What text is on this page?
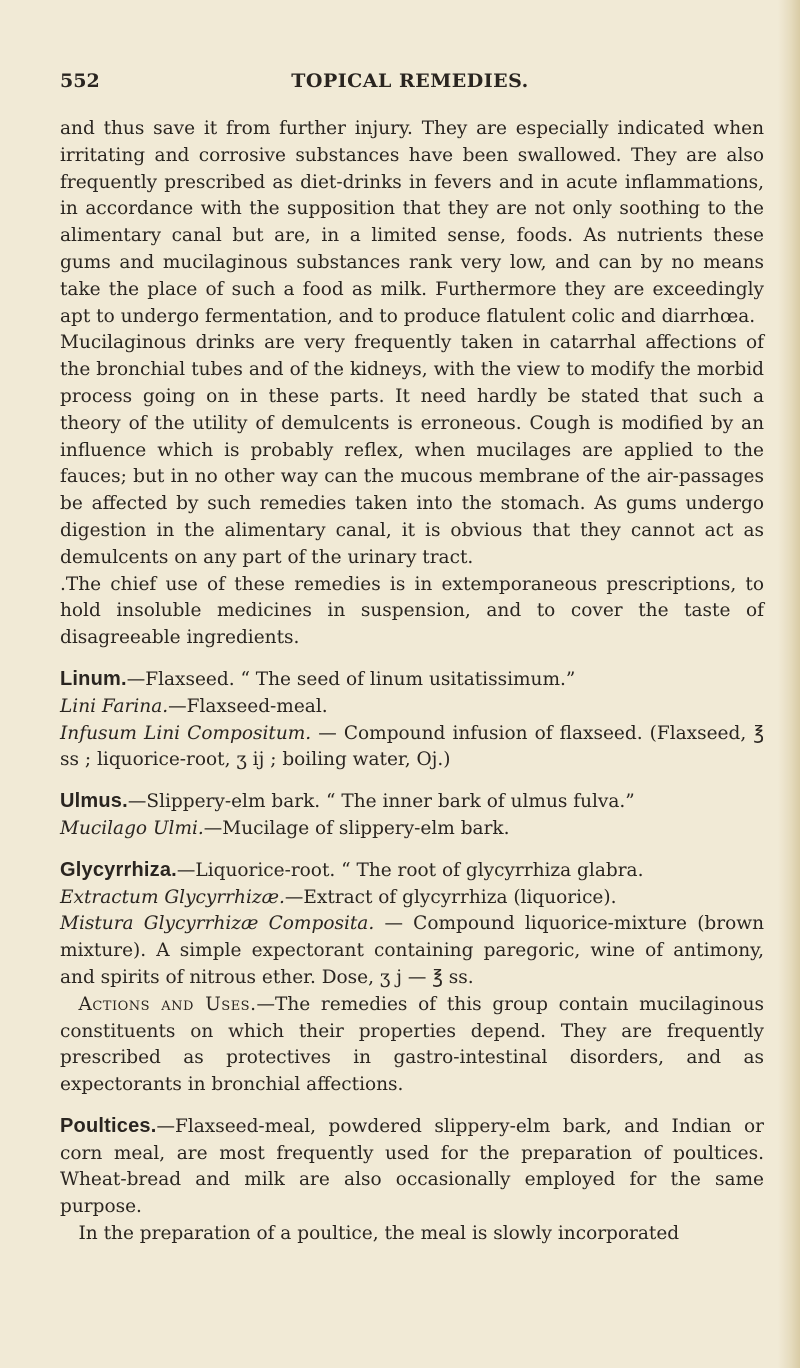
552	TOPICAL REMEDIES.

and thus save it from further injury. They are especially indicated when irritating and corrosive substances have been swallowed. They are also frequently prescribed as diet-drinks in fevers and in acute inflammations, in accordance with the supposition that they are not only soothing to the alimentary canal but are, in a limited sense, foods. As nutrients these gums and mucilaginous substances rank very low, and can by no means take the place of such a food as milk. Furthermore they are exceedingly apt to undergo fermentation, and to produce flatulent colic and diarrhœa.

Mucilaginous drinks are very frequently taken in catarrhal affections of the bronchial tubes and of the kidneys, with the view to modify the morbid process going on in these parts. It need hardly be stated that such a theory of the utility of demulcents is erroneous. Cough is modified by an influence which is probably reflex, when mucilages are applied to the fauces; but in no other way can the mucous membrane of the air-passages be affected by such remedies taken into the stomach. As gums undergo digestion in the alimentary canal, it is obvious that they cannot act as demulcents on any part of the urinary tract.

.The chief use of these remedies is in extemporaneous prescriptions, to hold insoluble medicines in suspension, and to cover the taste of disagreeable ingredients.

Linum.—Flaxseed. “ The seed of linum usitatissimum.”

Lini Farina.—Flaxseed-meal.

Infusum Lini Compositum. — Compound infusion of flaxseed. (Flaxseed, ℥ ss ; liquorice-root, ʒ ij ; boiling water, Oj.)

Ulmus.—Slippery-elm bark. “ The inner bark of ulmus fulva.”

Mucilago Ulmi.—Mucilage of slippery-elm bark.

Glycyrrhiza.—Liquorice-root. “ The root of glycyrrhiza glabra.

Extractum Glycyrrhizæ.—Extract of glycyrrhiza (liquorice).

Mistura Glycyrrhizæ Composita. — Compound liquorice-mixture (brown mixture). A simple expectorant containing paregoric, wine of antimony, and spirits of nitrous ether. Dose, ʒ j — ℥ ss.

 Actions and Uses.—The remedies of this group contain mucilaginous constituents on which their properties depend. They are frequently prescribed as protectives in gastro-intestinal disorders, and as expectorants in bronchial affections.

Poultices.—Flaxseed-meal, powdered slippery-elm bark, and Indian or corn meal, are most frequently used for the preparation of poultices. Wheat-bread and milk are also occasionally employed for the same purpose.

 In the preparation of a poultice, the meal is slowly incorporated
